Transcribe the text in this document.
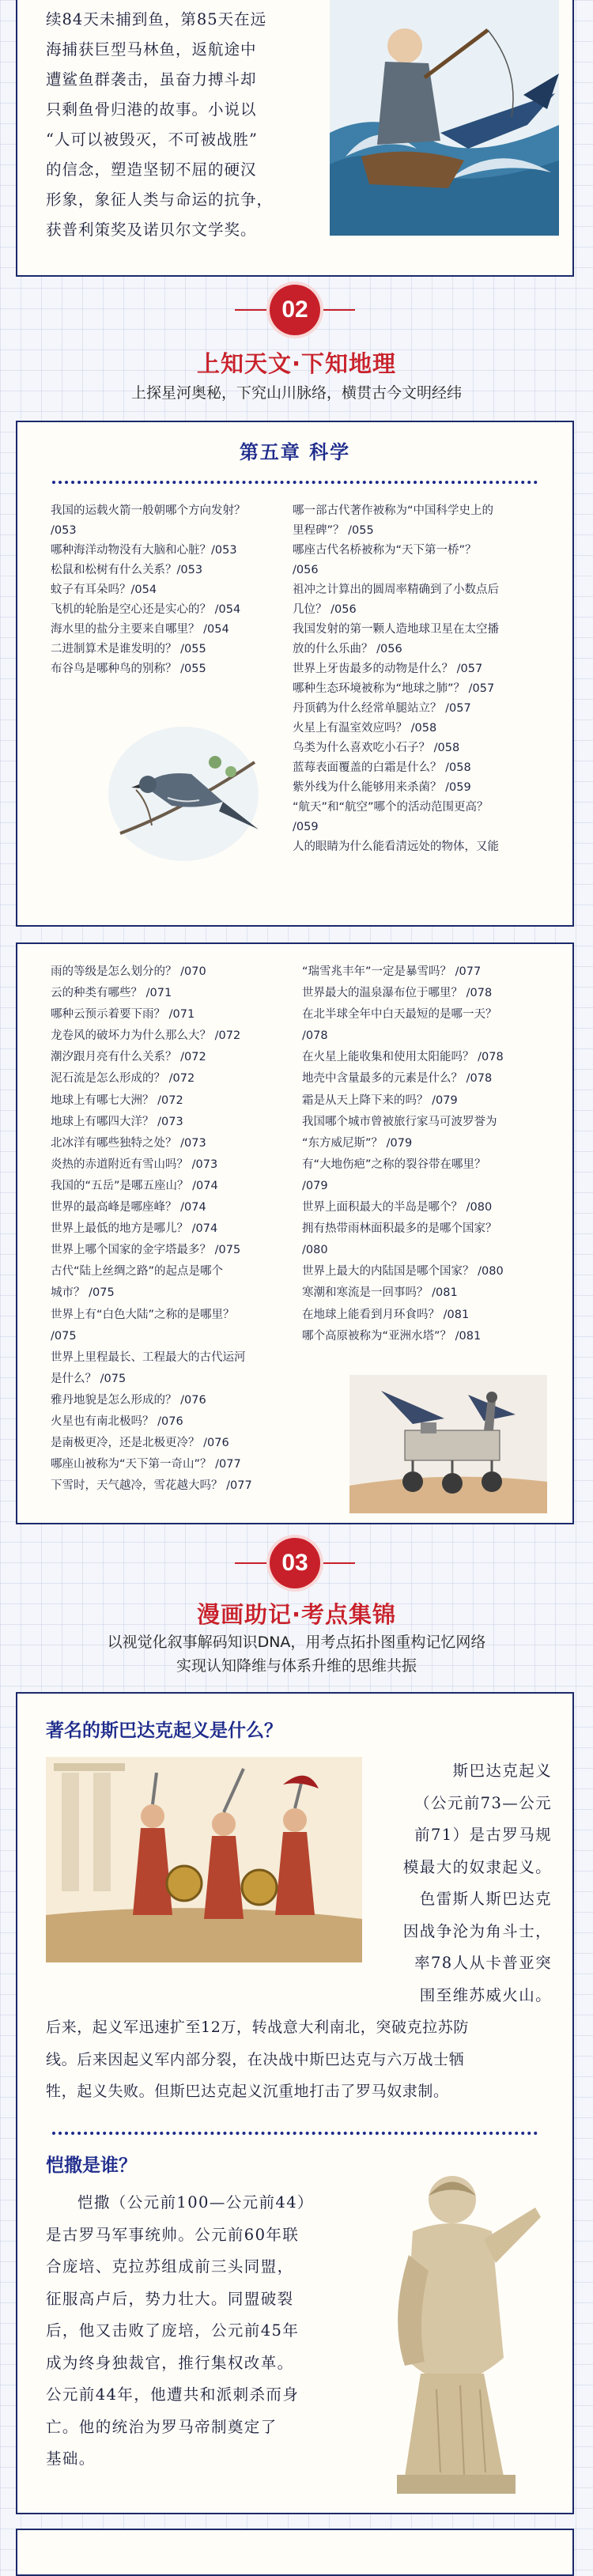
续84天未捕到鱼，第85天在远

海捕获巨型马林鱼，返航途中

遭鲨鱼群袭击，虽奋力搏斗却

只剩鱼骨归港的故事。小说以

“人可以被毁灭，不可被战胜”

的信念，塑造坚韧不屈的硬汉

形象，象征人类与命运的抗争，

获普利策奖及诺贝尔文学奖。

02
上知天文·下知地理
上探星河奥秘，下究山川脉络，横贯古今文明经纬
第五章 科学
我国的运载火箭一般朝哪个方向发射？
/053
哪种海洋动物没有大脑和心脏？/053
松鼠和松树有什么关系？/053
蚊子有耳朵吗？/054
飞机的轮胎是空心还是实心的？ /054
海水里的盐分主要来自哪里？ /054
二进制算术是谁发明的？ /055
布谷鸟是哪种鸟的别称？ /055
哪一部古代著作被称为“中国科学史上的
里程碑”？ /055
哪座古代名桥被称为“天下第一桥”？
/056
祖冲之计算出的圆周率精确到了小数点后
几位？ /056
我国发射的第一颗人造地球卫星在太空播
放的什么乐曲？ /056
世界上牙齿最多的动物是什么？ /057
哪种生态环境被称为“地球之肺”？ /057
丹顶鹤为什么经常单腿站立？ /057
火星上有温室效应吗？ /058
乌类为什么喜欢吃小石子？ /058
蓝莓表面覆盖的白霜是什么？ /058
紫外线为什么能够用来杀菌？ /059
“航天”和“航空”哪个的活动范围更高？
/059
人的眼睛为什么能看清远处的物体，又能
雨的等级是怎么划分的？ /070
云的种类有哪些？ /071
哪种云预示着要下雨？ /071
龙卷风的破坏力为什么那么大？ /072
潮汐跟月亮有什么关系？ /072
泥石流是怎么形成的？ /072
地球上有哪七大洲？ /072
地球上有哪四大洋？ /073
北冰洋有哪些独特之处？ /073
炎热的赤道附近有雪山吗？ /073
我国的“五岳”是哪五座山？ /074
世界的最高峰是哪座峰？ /074
世界上最低的地方是哪儿？ /074
世界上哪个国家的金字塔最多？ /075
古代“陆上丝绸之路”的起点是哪个
城市？ /075
世界上有“白色大陆”之称的是哪里？
/075
世界上里程最长、工程最大的古代运河
是什么？ /075
雅丹地貌是怎么形成的？ /076
火星也有南北极吗？ /076
是南极更冷，还是北极更冷？ /076
哪座山被称为“天下第一奇山”？ /077
下雪时，天气越冷，雪花越大吗？ /077
“瑞雪兆丰年”一定是暴雪吗？ /077
世界最大的温泉瀑布位于哪里？ /078
在北半球全年中白天最短的是哪一天？
/078
在火星上能收集和使用太阳能吗？ /078
地壳中含量最多的元素是什么？ /078
霜是从天上降下来的吗？ /079
我国哪个城市曾被旅行家马可波罗誉为
“东方威尼斯”？ /079
有“大地伤疤”之称的裂谷带在哪里？
/079
世界上面积最大的半岛是哪个？ /080
拥有热带雨林面积最多的是哪个国家？
/080
世界上最大的内陆国是哪个国家？ /080
寒潮和寒流是一回事吗？ /081
在地球上能看到月环食吗？ /081
哪个高原被称为“亚洲水塔”？ /081
03
漫画助记·考点集锦
以视觉化叙事解码知识DNA，用考点拓扑图重构记忆网络
实现认知降维与体系升维的思维共振
著名的斯巴达克起义是什么？
斯巴达克起义
（公元前73—公元
前71）是古罗马规
模最大的奴隶起义。
色雷斯人斯巴达克
因战争沦为角斗士，
率78人从卡普亚突
围至维苏威火山。
后来，起义军迅速扩至12万，转战意大利南北，突破克拉苏防
线。后来因起义军内部分裂，在决战中斯巴达克与六万战士牺
牲，起义失败。但斯巴达克起义沉重地打击了罗马奴隶制。
恺撒是谁？
恺撒（公元前100—公元前44）
是古罗马军事统帅。公元前60年联
合庞培、克拉苏组成前三头同盟，
征服高卢后，势力壮大。同盟破裂
后，他又击败了庞培，公元前45年
成为终身独裁官，推行集权改革。
公元前44年，他遭共和派刺杀而身
亡。他的统治为罗马帝制奠定了
基础。
